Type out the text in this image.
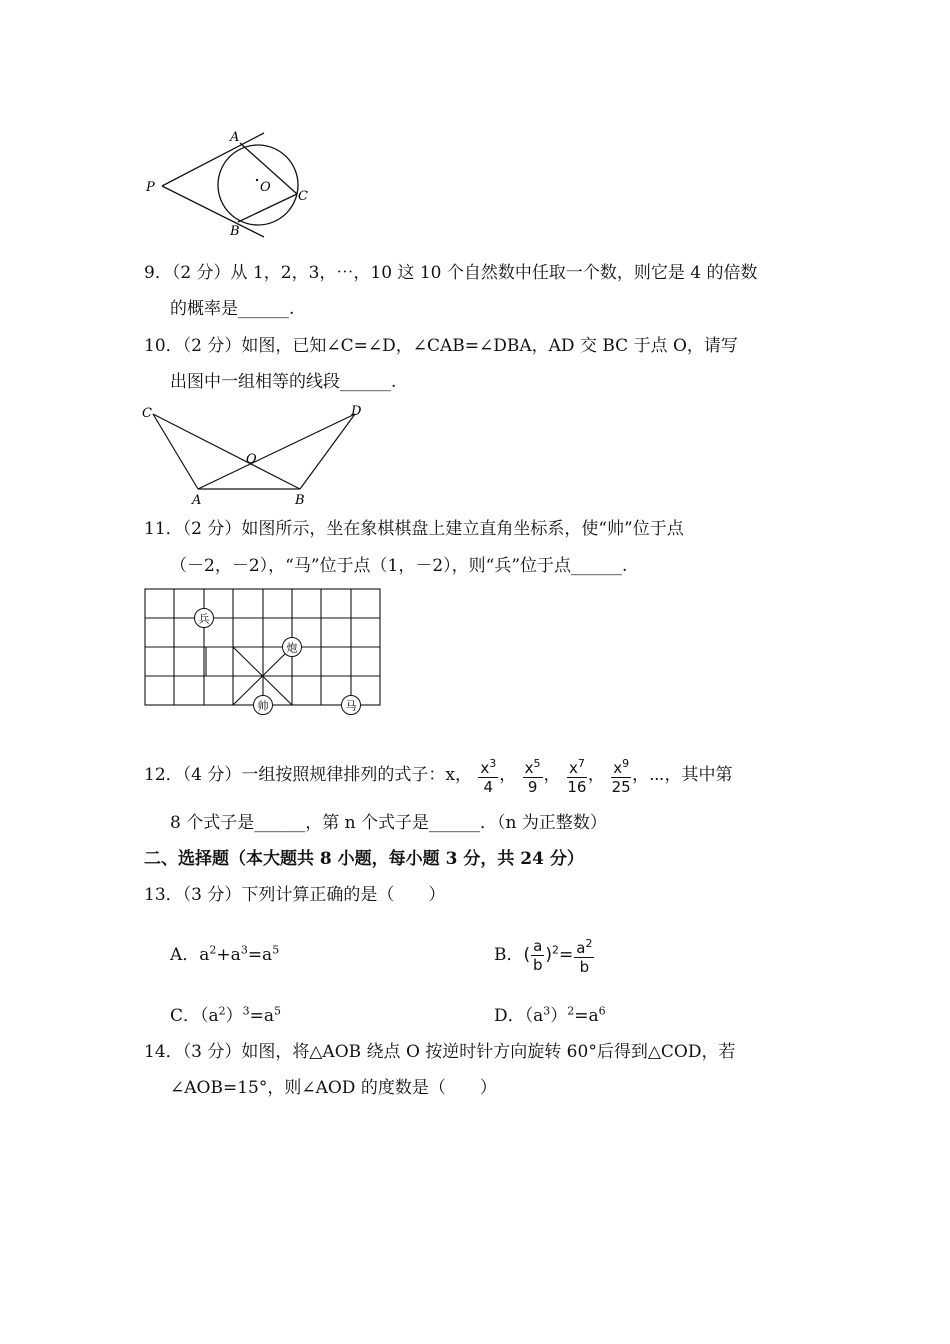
A
P	O
C
B
9．（2 分）从 1，2，3，⋯，10 这 10 个自然数中任取一个数，则它是 4 的倍数
的概率是______.
10．（2 分）如图，已知∠C=∠D，∠CAB=∠DBA，AD 交 BC 于点 O，请写
出图中一组相等的线段______.
C	D
O
A	B
11．（2 分）如图所示，坐在象棋棋盘上建立直角坐标系，使“帅”位于点
（－2，－2），“马”位于点（1，－2），则“兵”位于点______.
兵
炮
帅	马
12．（4 分）一组按照规律排列的式子：x， $\frac{x^3}{4}$ ， $\frac{x^5}{9}$ ， $\frac{x^7}{16}$ ， $\frac{x^9}{25}$ ，⋯，其中第
8 个式子是______，第 n 个式子是______．（n 为正整数）
二、选择题（本大题共 8 小题，每小题 3 分，共 24 分）
13．（3 分）下列计算正确的是（　　）
A．$a^2+a^3=a^5$	B．( $\frac{a}{b} )^2= \frac{a^2}{b}$
C．$(a^2)^3=a^5$	D．$(a^3)^2=a^6$
14．（3 分）如图，将△AOB 绕点 O 按逆时针方向旋转 60°后得到△COD，若
∠AOB=15°，则∠AOD 的度数是（　　）
